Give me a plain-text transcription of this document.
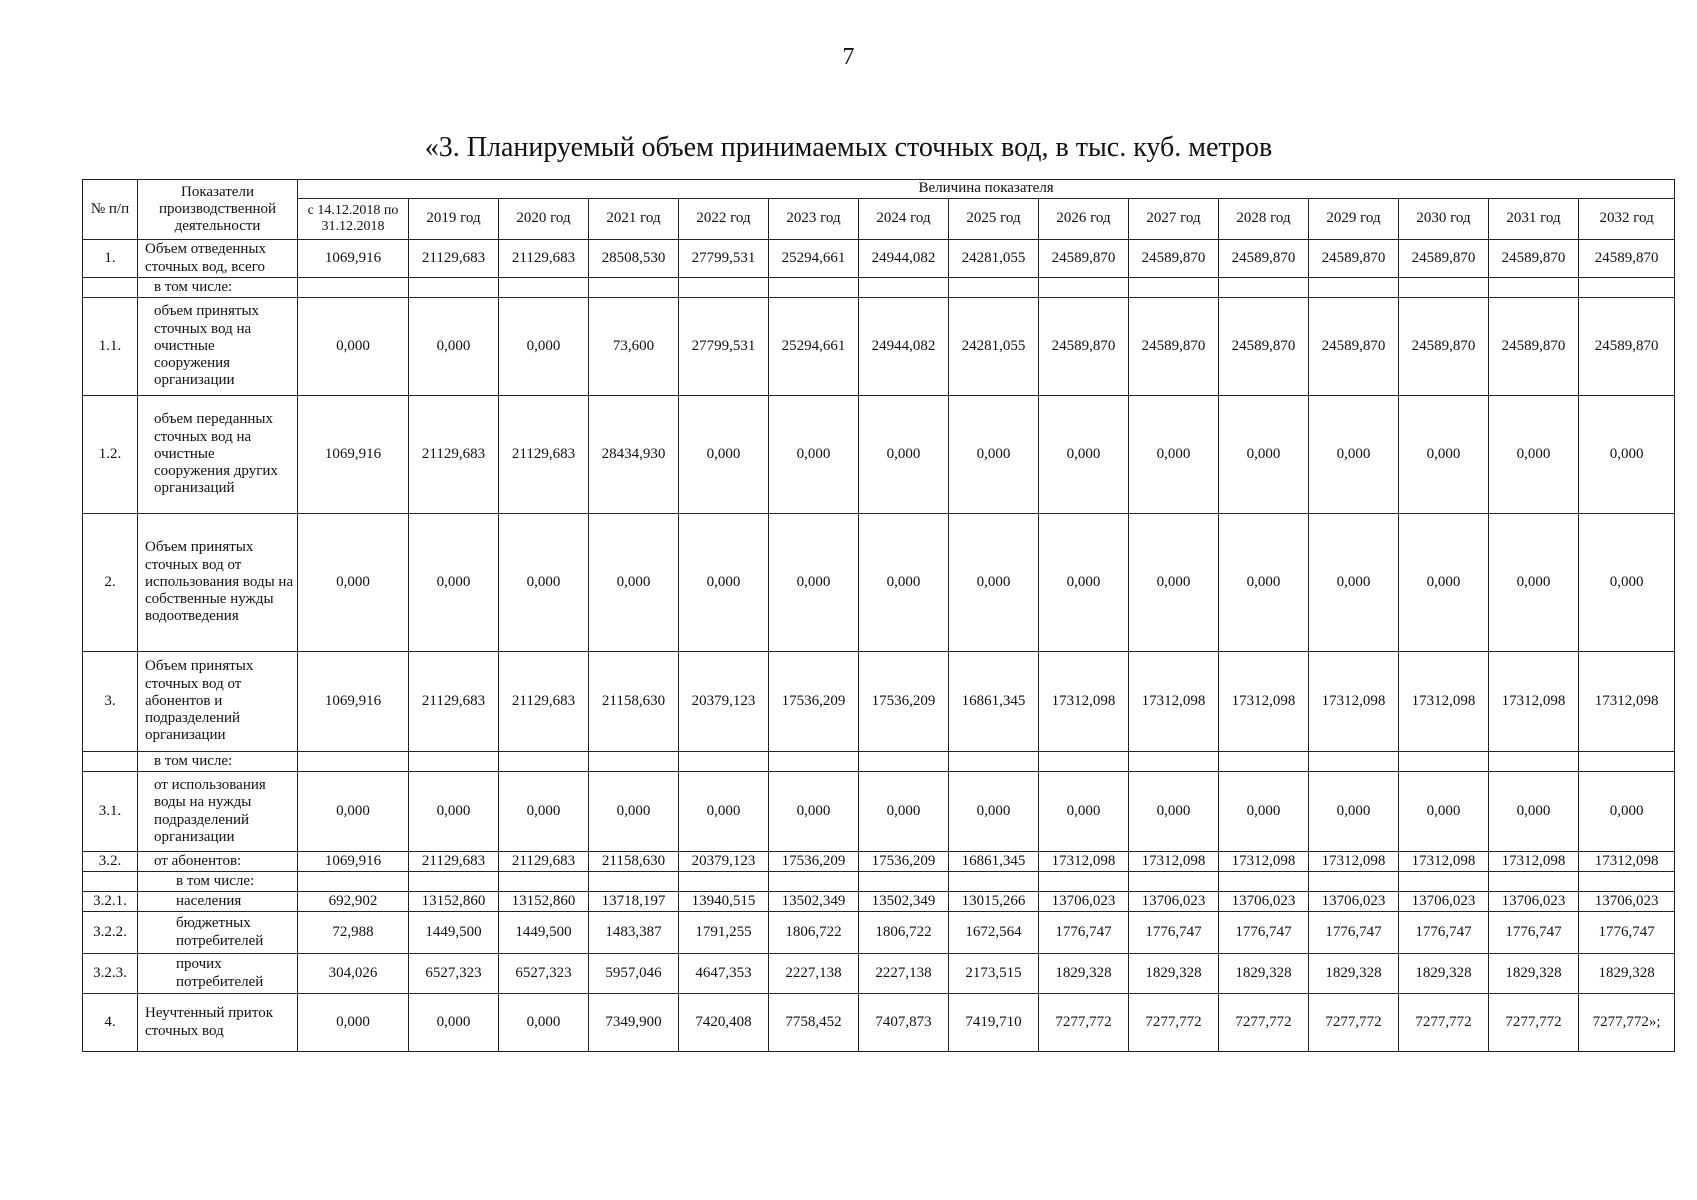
7
«3. Планируемый объем принимаемых сточных вод, в тыс. куб. метров
№ п/п	Показатели производственной деятельности	Величина показателя														
		с 14.12.2018 по 31.12.2018	2019 год	2020 год	2021 год	2022 год	2023 год	2024 год	2025 год	2026 год	2027 год	2028 год	2029 год	2030 год	2031 год	2032 год
1.	Объем отведенных сточных вод, всего	1069,916	21129,683	21129,683	28508,530	27799,531	25294,661	24944,082	24281,055	24589,870	24589,870	24589,870	24589,870	24589,870	24589,870	24589,870
	в том числе:															
1.1.	объем принятых сточных вод на очистные сооружения организации	0,000	0,000	0,000	73,600	27799,531	25294,661	24944,082	24281,055	24589,870	24589,870	24589,870	24589,870	24589,870	24589,870	24589,870
1.2.	объем переданных сточных вод на очистные сооружения других организаций	1069,916	21129,683	21129,683	28434,930	0,000	0,000	0,000	0,000	0,000	0,000	0,000	0,000	0,000	0,000	0,000
2.	Объем принятых сточных вод от использования воды на собственные нужды водоотведения	0,000	0,000	0,000	0,000	0,000	0,000	0,000	0,000	0,000	0,000	0,000	0,000	0,000	0,000	0,000
3.	Объем принятых сточных вод от абонентов и подразделений организации	1069,916	21129,683	21129,683	21158,630	20379,123	17536,209	17536,209	16861,345	17312,098	17312,098	17312,098	17312,098	17312,098	17312,098	17312,098
	в том числе:															
3.1.	от использования воды на нужды подразделений организации	0,000	0,000	0,000	0,000	0,000	0,000	0,000	0,000	0,000	0,000	0,000	0,000	0,000	0,000	0,000
3.2.	от абонентов:	1069,916	21129,683	21129,683	21158,630	20379,123	17536,209	17536,209	16861,345	17312,098	17312,098	17312,098	17312,098	17312,098	17312,098	17312,098
	в том числе:															
3.2.1.	населения	692,902	13152,860	13152,860	13718,197	13940,515	13502,349	13502,349	13015,266	13706,023	13706,023	13706,023	13706,023	13706,023	13706,023	13706,023
3.2.2.	бюджетных потребителей	72,988	1449,500	1449,500	1483,387	1791,255	1806,722	1806,722	1672,564	1776,747	1776,747	1776,747	1776,747	1776,747	1776,747	1776,747
3.2.3.	прочих потребителей	304,026	6527,323	6527,323	5957,046	4647,353	2227,138	2227,138	2173,515	1829,328	1829,328	1829,328	1829,328	1829,328	1829,328	1829,328
4.	Неучтенный приток сточных вод	0,000	0,000	0,000	7349,900	7420,408	7758,452	7407,873	7419,710	7277,772	7277,772	7277,772	7277,772	7277,772	7277,772	7277,772»;
